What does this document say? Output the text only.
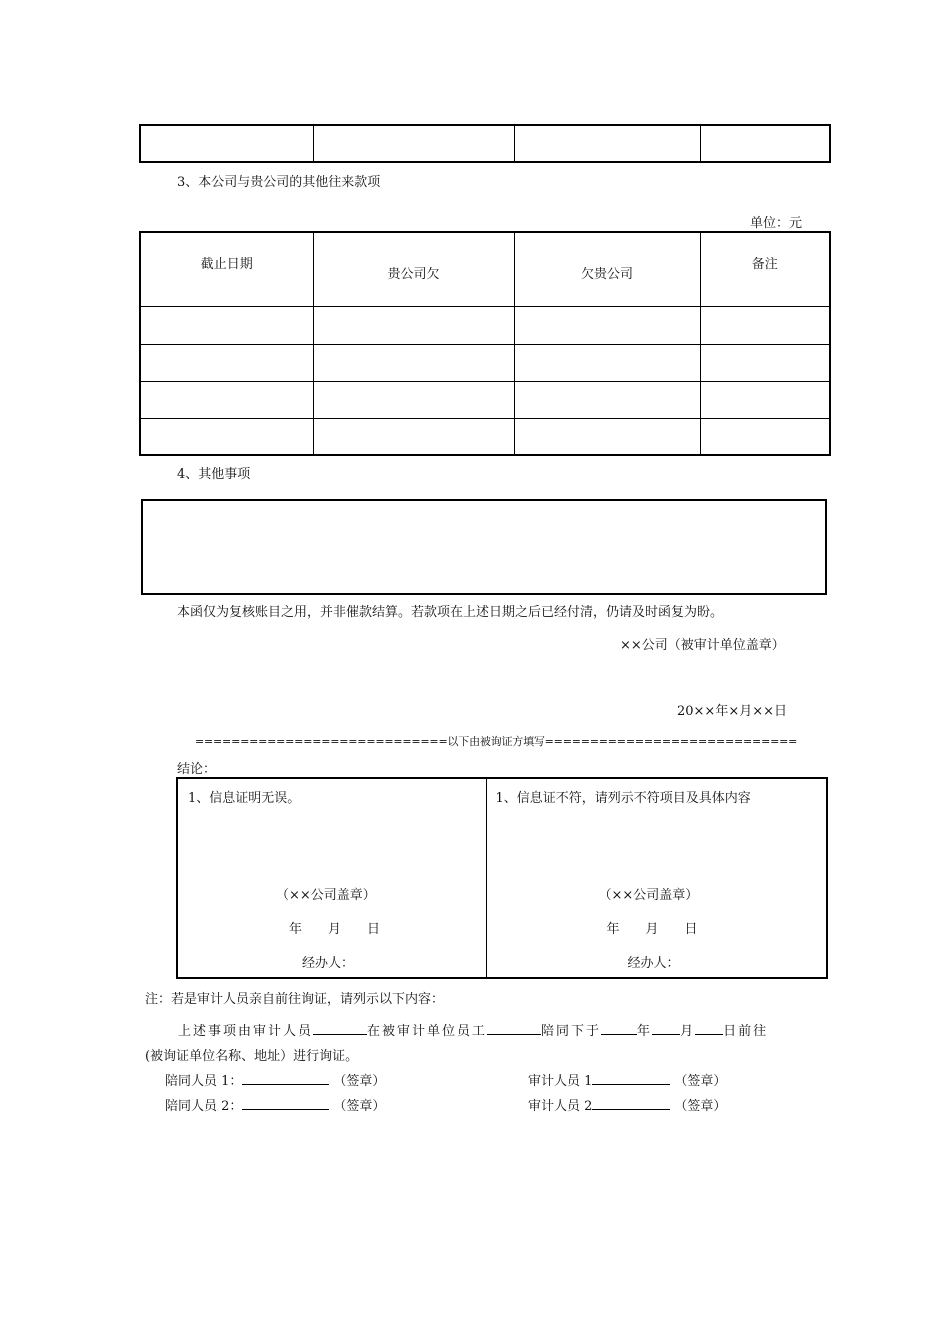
3、本公司与贵公司的其他往来款项
单位：元
截止日期	贵公司欠	欠贵公司	备注

4、其他事项
本函仅为复核账目之用，并非催款结算。若款项在上述日期之后已经付清，仍请及时函复为盼。
××公司（被审计单位盖章）
20××年×月××日
============================以下由被询证方填写============================
结论：
1、信息证明无误。
（××公司盖章）
年　　月　　日
经办人：

1、信息证不符，请列示不符项目及具体内容
（××公司盖章）
年　　月　　日
经办人：
注：若是审计人员亲自前往询证，请列示以下内容：
上述事项由审计人员	在被审计单位员工	陪同下于	年 月 日前往
(被询证单位名称、地址）进行询证。
陪同人员 1：	（签章）
陪同人员 2：	（签章）
审计人员 1	（签章）
审计人员 2	（签章）
